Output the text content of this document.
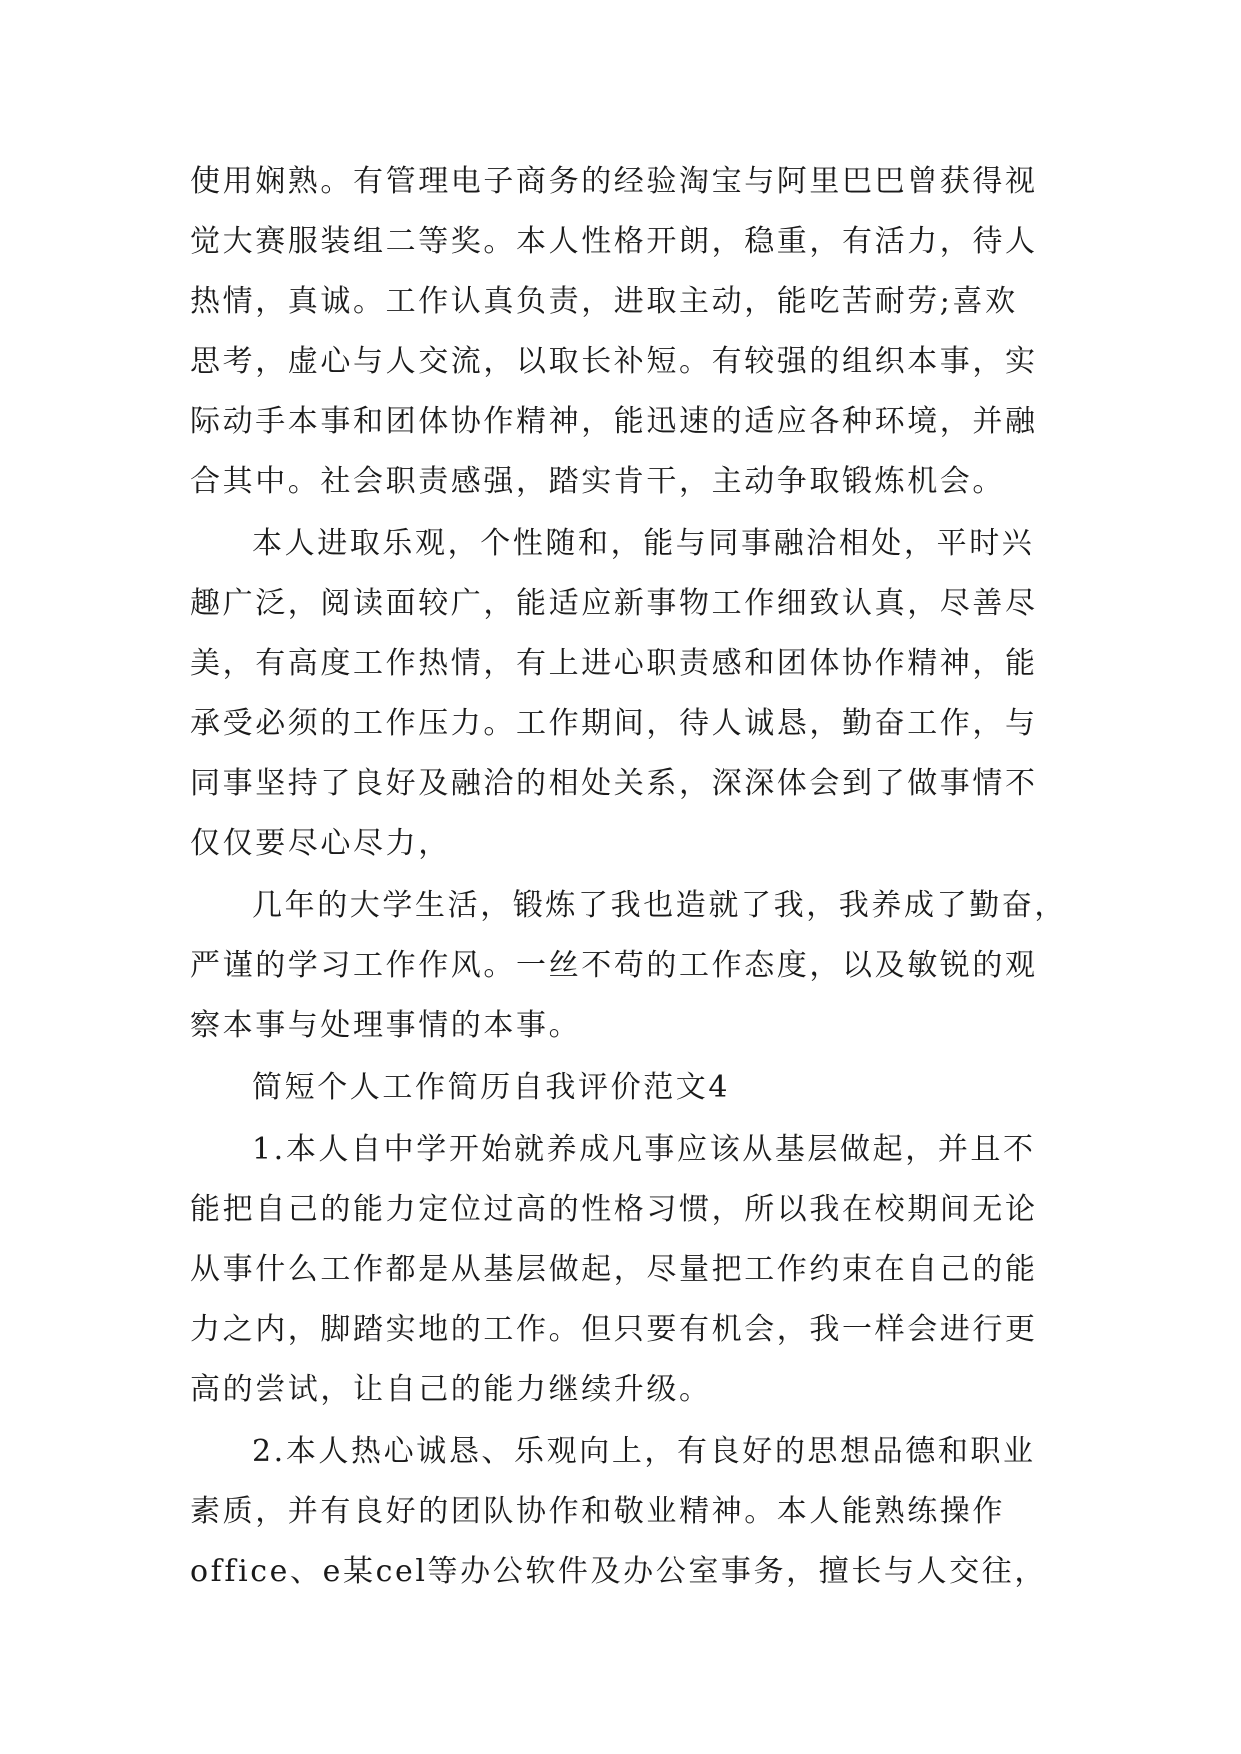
使用娴熟。有管理电子商务的经验淘宝与阿里巴巴曾获得视
觉大赛服装组二等奖。本人性格开朗，稳重，有活力，待人
热情，真诚。工作认真负责，进取主动，能吃苦耐劳;喜欢
思考，虚心与人交流，以取长补短。有较强的组织本事，实
际动手本事和团体协作精神，能迅速的适应各种环境，并融
合其中。社会职责感强，踏实肯干，主动争取锻炼机会。
本人进取乐观，个性随和，能与同事融洽相处，平时兴
趣广泛，阅读面较广，能适应新事物工作细致认真，尽善尽
美，有高度工作热情，有上进心职责感和团体协作精神，能
承受必须的工作压力。工作期间，待人诚恳，勤奋工作，与
同事坚持了良好及融洽的相处关系，深深体会到了做事情不
仅仅要尽心尽力，
几年的大学生活，锻炼了我也造就了我，我养成了勤奋，
严谨的学习工作作风。一丝不苟的工作态度，以及敏锐的观
察本事与处理事情的本事。
简短个人工作简历自我评价范文4
1.本人自中学开始就养成凡事应该从基层做起，并且不
能把自己的能力定位过高的性格习惯，所以我在校期间无论
从事什么工作都是从基层做起，尽量把工作约束在自己的能
力之内，脚踏实地的工作。但只要有机会，我一样会进行更
高的尝试，让自己的能力继续升级。
2.本人热心诚恳、乐观向上，有良好的思想品德和职业
素质，并有良好的团队协作和敬业精神。本人能熟练操作
office、e某cel等办公软件及办公室事务，擅长与人交往，
